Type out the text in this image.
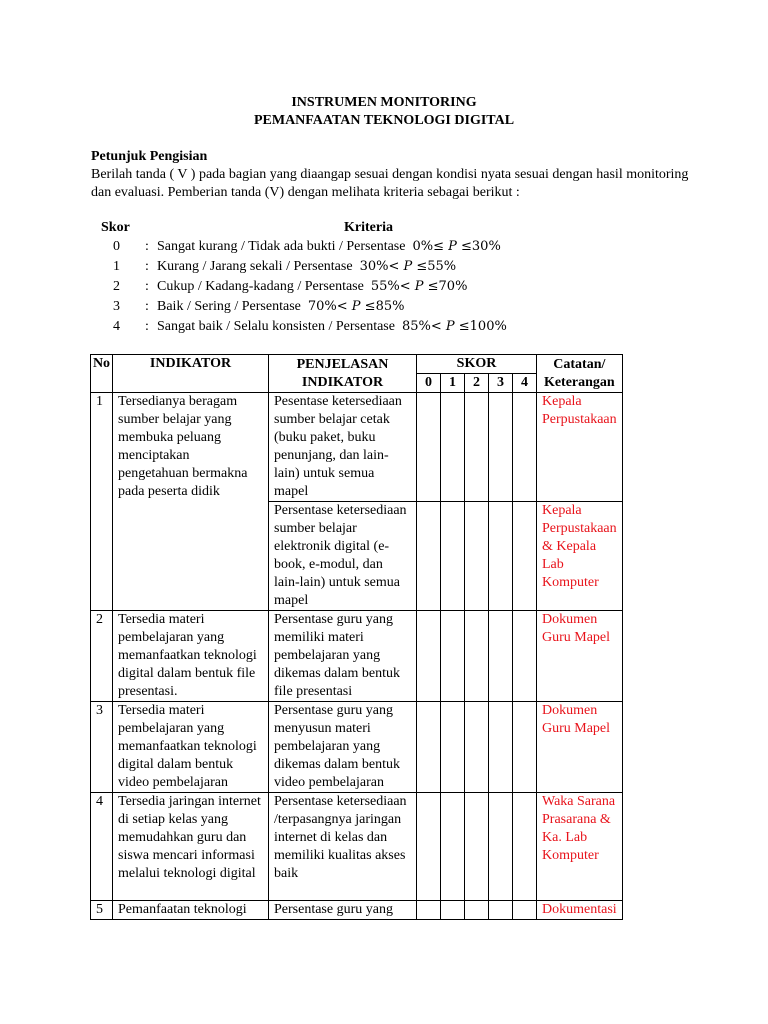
INSTRUMEN MONITORING
PEMANFAATAN TEKNOLOGI DIGITAL
Petunjuk Pengisian
Berilah tanda ( V ) pada bagian yang diaangap sesuai dengan kondisi nyata sesuai dengan hasil monitoring dan evaluasi. Pemberian tanda (V) dengan melihata kriteria sebagai berikut :
Skor	Kriteria
0 : Sangat kurang / Tidak ada bukti / Persentase 0%≤ P ≤30%
1 : Kurang / Jarang sekali / Persentase 30%< P ≤55%
2 : Cukup / Kadang-kadang / Persentase 55%< P ≤70%
3 : Baik / Sering / Persentase 70%< P ≤85%
4 : Sangat baik / Selalu konsisten / Persentase 85%< P ≤100%
No	INDIKATOR	PENJELASAN INDIKATOR	SKOR					Catatan/ Keterangan
			0	1	2	3	4	
1	Tersedianya beragam sumber belajar yang membuka peluang menciptakan pengetahuan bermakna pada peserta didik	Pesentase ketersediaan sumber belajar cetak (buku paket, buku penunjang, dan lain-lain) untuk semua mapel						Kepala Perpustakaan
		Persentase ketersediaan sumber belajar elektronik digital (e-book, e-modul, dan lain-lain) untuk semua mapel						Kepala Perpustakaan & Kepala Lab Komputer
2	Tersedia materi pembelajaran yang memanfaatkan teknologi digital dalam bentuk file presentasi.	Persentase guru yang memiliki materi pembelajaran yang dikemas dalam bentuk file presentasi						Dokumen Guru Mapel
3	Tersedia materi pembelajaran yang memanfaatkan teknologi digital dalam bentuk video pembelajaran	Persentase guru yang menyusun materi pembelajaran yang dikemas dalam bentuk video pembelajaran						Dokumen Guru Mapel
4	Tersedia jaringan internet di setiap kelas yang memudahkan guru dan siswa mencari informasi melalui teknologi digital	Persentase ketersediaan /terpasangnya jaringan internet di kelas dan memiliki kualitas akses baik						Waka Sarana Prasarana & Ka. Lab Komputer
5	Pemanfaatan teknologi	Persentase guru yang						Dokumentasi
